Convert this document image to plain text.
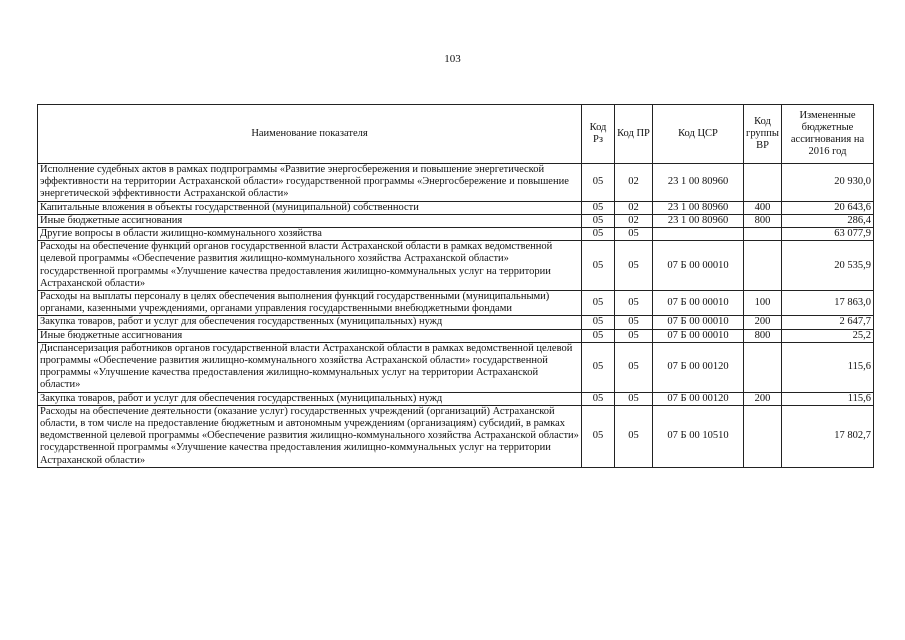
103
Наименование показателя	Код Рз	Код ПР	Код ЦСР	Код группы ВР	Измененные бюджетные ассигнования на 2016 год
Исполнение судебных актов в рамках подпрограммы «Развитие энергосбережения и повышение энергетической эффективности на территории Астраханской области» государственной программы «Энергосбережение и повышение энергетической эффективности Астраханской области»	05	02	23 1 00 80960		20 930,0
Капитальные вложения в объекты государственной (муниципальной) собственности	05	02	23 1 00 80960	400	20 643,6
Иные бюджетные ассигнования	05	02	23 1 00 80960	800	286,4
Другие вопросы в области жилищно-коммунального хозяйства	05	05			63 077,9
Расходы на обеспечение функций органов государственной власти Астраханской области в рамках ведомственной целевой программы «Обеспечение развития жилищно-коммунального хозяйства Астраханской области» государственной программы «Улучшение качества предоставления жилищно-коммунальных услуг на территории Астраханской области»	05	05	07 Б 00 00010		20 535,9
Расходы на выплаты персоналу в целях обеспечения выполнения функций государственными (муниципальными) органами, казенными учреждениями, органами управления государственными внебюджетными фондами	05	05	07 Б 00 00010	100	17 863,0
Закупка товаров, работ и услуг для обеспечения государственных (муниципальных) нужд	05	05	07 Б 00 00010	200	2 647,7
Иные бюджетные ассигнования	05	05	07 Б 00 00010	800	25,2
Диспансеризация работников органов государственной власти Астраханской области в рамках ведомственной целевой программы «Обеспечение развития жилищно-коммунального хозяйства Астраханской области» государственной программы «Улучшение качества предоставления жилищно-коммунальных услуг на территории Астраханской области»	05	05	07 Б 00 00120		115,6
Закупка товаров, работ и услуг для обеспечения государственных (муниципальных) нужд	05	05	07 Б 00 00120	200	115,6
Расходы на обеспечение деятельности (оказание услуг) государственных учреждений (организаций) Астраханской области, в том числе на предоставление бюджетным и автономным учреждениям (организациям) субсидий, в рамках ведомственной целевой программы «Обеспечение развития жилищно-коммунального хозяйства Астраханской области» государственной программы «Улучшение качества предоставления жилищно-коммунальных услуг на территории Астраханской области»	05	05	07 Б 00 10510		17 802,7
